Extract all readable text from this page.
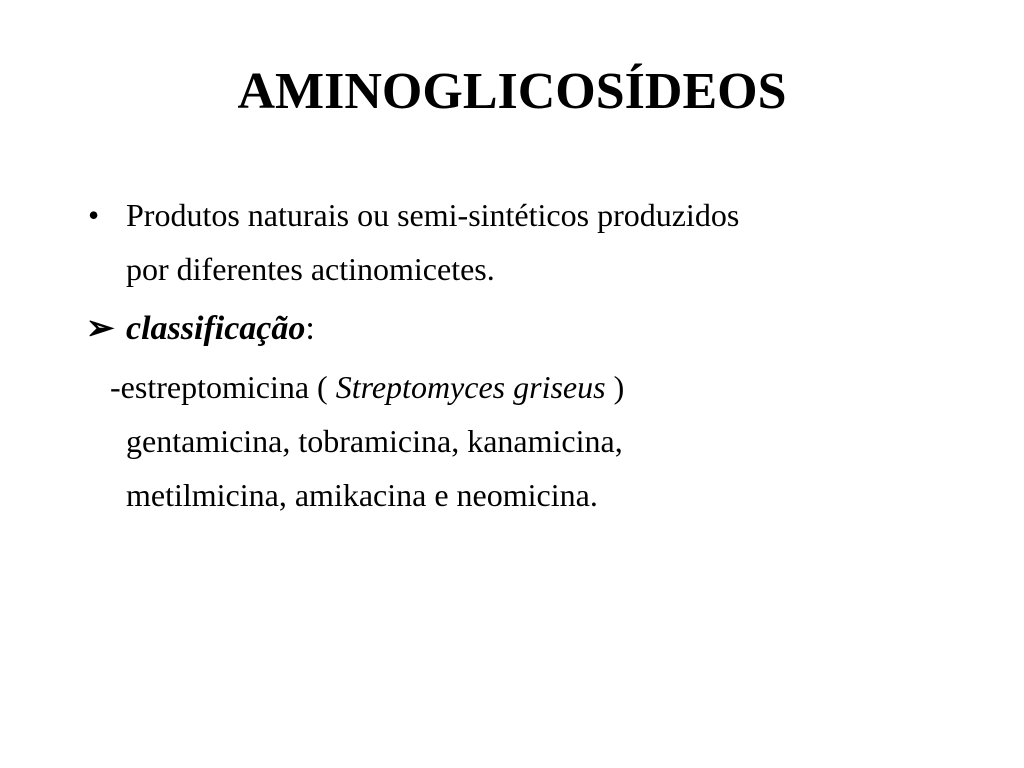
AMINOGLICOSÍDEOS
• Produtos naturais ou semi-sintéticos produzidos
por diferentes actinomicetes.
➢ classificação:
-estreptomicina ( Streptomyces griseus )
gentamicina, tobramicina, kanamicina,
metilmicina, amikacina e neomicina.
